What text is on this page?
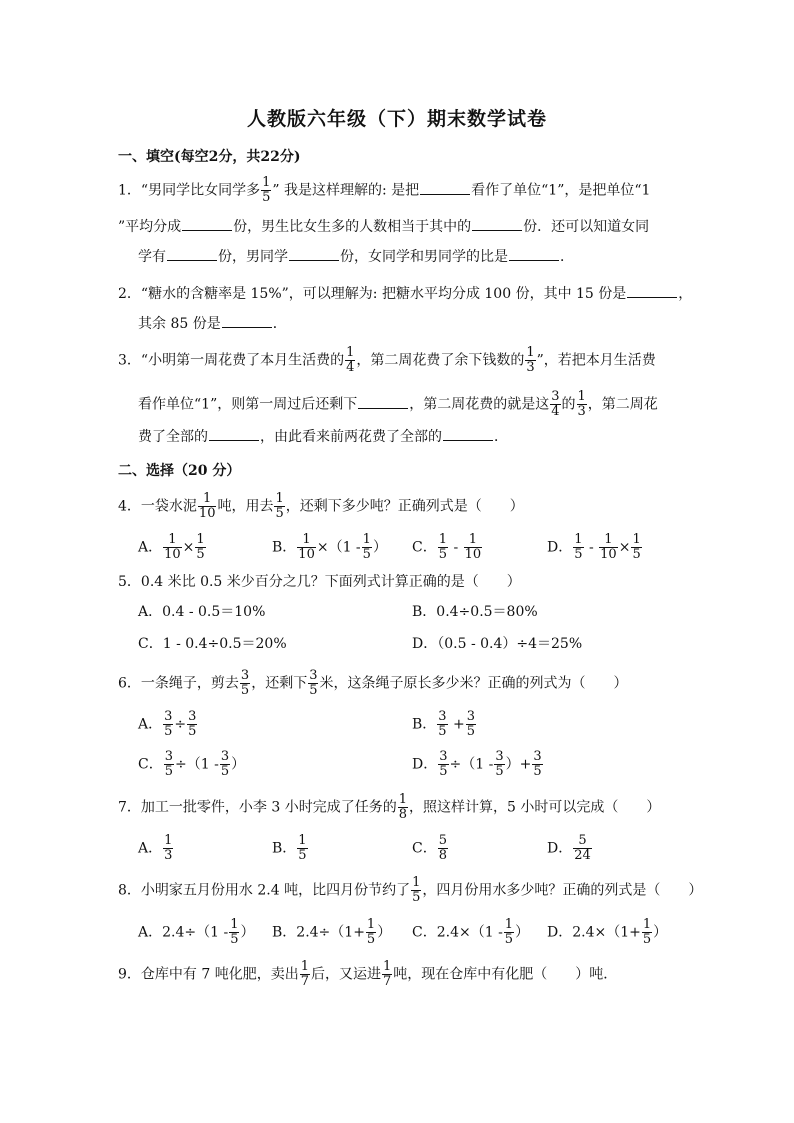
人教版六年级（下）期末数学试卷
一、填空(每空2分，共22分)
1．“男同学比女同学多 $\frac{1}{5}$ ” 我是这样理解的: 是把	看作了单位“1”，是把单位“1
”平均分成	份，男生比女生多的人数相当于其中的	份．还可以知道女同
学有	份，男同学	份，女同学和男同学的比是	．
2．“糖水的含糖率是 15%”，可以理解为: 把糖水平均分成 100 份，其中 15 份是	，
其余 85 份是	．
3．“小明第一周花费了本月生活费的 $\frac{1}{4}$ ，第二周花费了余下钱数的 $\frac{1}{3}$ ”，若把本月生活费
看作单位“1”，则第一周过后还剩下	，第二周花费的就是这 $\frac{3}{4}$ 的 $\frac{1}{3}$ ，第二周花
费了全部的	，由此看来前两花费了全部的	．
二、选择（20 分）
4．一袋水泥 $\frac{1}{10}$ 吨，用去 $\frac{1}{5}$ ，还剩下多少吨？正确列式是（　　）
A． $\frac{1}{10} \times \frac{1}{5}$	B． $\frac{1}{10} \times(1 - \frac{1}{5}$ ） C． $\frac{1}{5} - \frac{1}{10}$	D． $\frac{1}{5} - \frac{1}{10} \times \frac{1}{5}$
5．0.4 米比 0.5 米少百分之几？下面列式计算正确的是（　　）
A．0.4 - 0.5＝10%	B．0.4÷0.5＝80%
C．1 - 0.4÷0.5＝20%	D．（0.5 - 0.4）÷4＝25%
6．一条绳子，剪去 $\frac{3}{5}$ ，还剩下 $\frac{3}{5}$ 米，这条绳子原长多少米？正确的列式为（　　）
A． $\frac{3}{5} \div \frac{3}{5}$	B． $\frac{3}{5} + \frac{3}{5}$
C． $\frac{3}{5} \div(1 - \frac{3}{5}$ ）	D． $\frac{3}{5} \div(1 - \frac{3}{5}$ ）+ $\frac{3}{5}$
7．加工一批零件，小李 3 小时完成了任务的 $\frac{1}{8}$ ，照这样计算，5 小时可以完成（　　）
A． $\frac{1}{3}$	B． $\frac{1}{5}$	C． $\frac{5}{8}$	D． $\frac{5}{24}$
8．小明家五月份用水 2.4 吨，比四月份节约了 $\frac{1}{5}$ ，四月份用水多少吨？正确的列式是（　　）
A．$2.4\div(1 - \frac{1}{5}$ ） B．$2.4\div(1+ \frac{1}{5}$ ） C．$2.4\times(1 - \frac{1}{5}$ ） D．$2.4\times(1+ \frac{1}{5}$ ）
9．仓库中有 7 吨化肥，卖出 $\frac{1}{7}$ 后，又运进 $\frac{1}{7}$ 吨，现在仓库中有化肥（　　）吨．
